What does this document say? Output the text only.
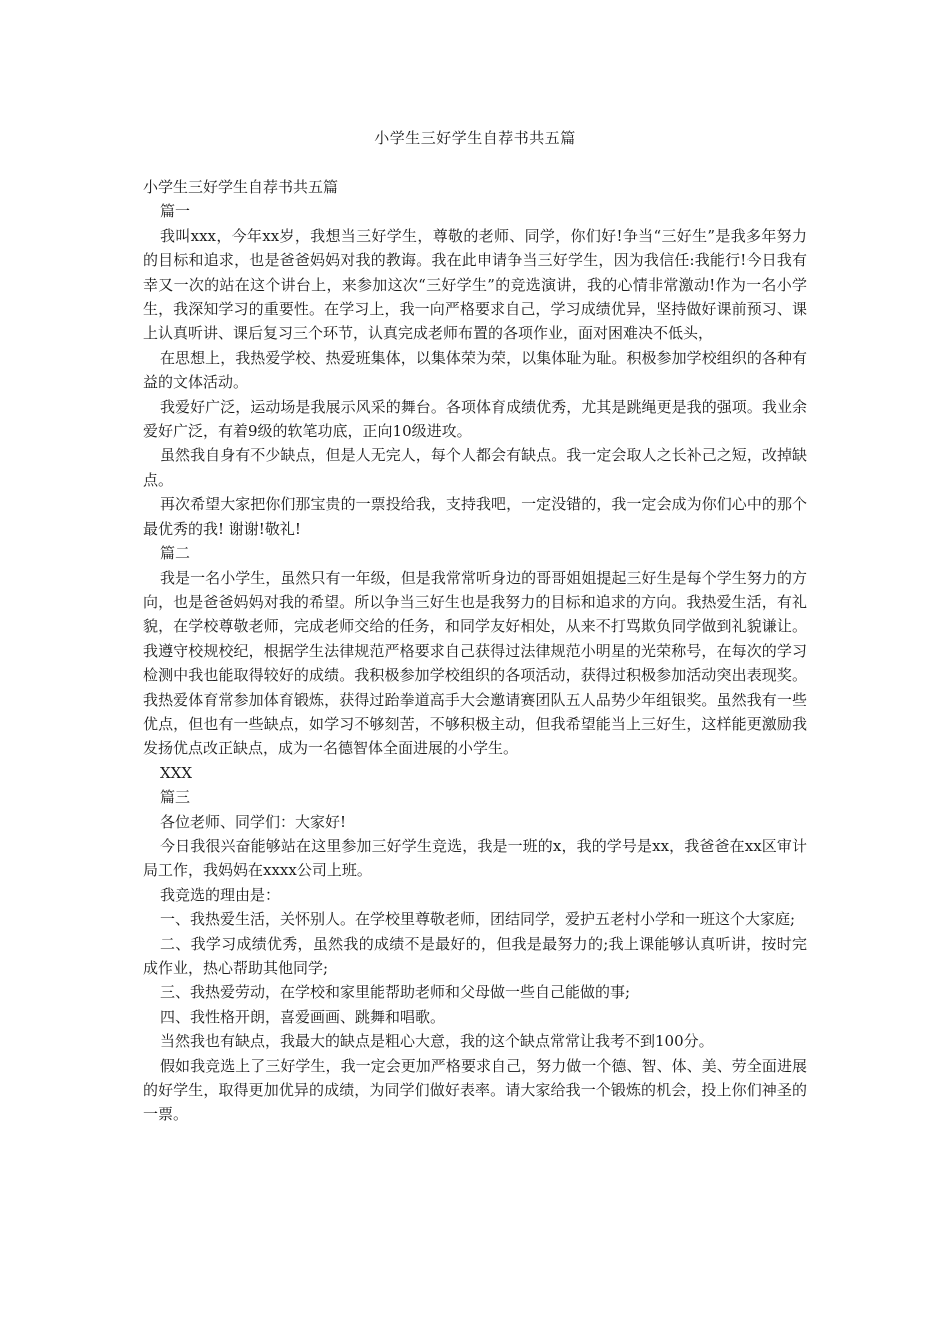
小学生三好学生自荐书共五篇

小学生三好学生自荐书共五篇

篇一

我叫xxx，今年xx岁，我想当三好学生，尊敬的老师、同学，你们好!争当“三好生”是我多年努力的目标和追求，也是爸爸妈妈对我的教诲。我在此申请争当三好学生，因为我信任:我能行!今日我有幸又一次的站在这个讲台上，来参加这次“三好学生”的竞选演讲，我的心情非常激动!作为一名小学生，我深知学习的重要性。在学习上，我一向严格要求自己，学习成绩优异，坚持做好课前预习、课上认真听讲、课后复习三个环节，认真完成老师布置的各项作业，面对困难决不低头，

在思想上，我热爱学校、热爱班集体，以集体荣为荣，以集体耻为耻。积极参加学校组织的各种有益的文体活动。

我爱好广泛，运动场是我展示风采的舞台。各项体育成绩优秀，尤其是跳绳更是我的强项。我业余爱好广泛，有着9级的软笔功底，正向10级进攻。

虽然我自身有不少缺点，但是人无完人，每个人都会有缺点。我一定会取人之长补己之短，改掉缺点。

再次希望大家把你们那宝贵的一票投给我，支持我吧，一定没错的，我一定会成为你们心中的那个最优秀的我! 谢谢!敬礼!

篇二

我是一名小学生，虽然只有一年级，但是我常常听身边的哥哥姐姐提起三好生是每个学生努力的方向，也是爸爸妈妈对我的希望。所以争当三好生也是我努力的目标和追求的方向。我热爱生活，有礼貌，在学校尊敬老师，完成老师交给的任务，和同学友好相处，从来不打骂欺负同学做到礼貌谦让。我遵守校规校纪，根据学生法律规范严格要求自己获得过法律规范小明星的光荣称号，在每次的学习检测中我也能取得较好的成绩。我积极参加学校组织的各项活动，获得过积极参加活动突出表现奖。我热爱体育常参加体育锻炼，获得过跆拳道高手大会邀请赛团队五人品势少年组银奖。虽然我有一些优点，但也有一些缺点，如学习不够刻苦，不够积极主动，但我希望能当上三好生，这样能更激励我发扬优点改正缺点，成为一名德智体全面进展的小学生。

XXX

篇三

各位老师、同学们：大家好!

今日我很兴奋能够站在这里参加三好学生竞选，我是一班的x，我的学号是xx，我爸爸在xx区审计局工作，我妈妈在xxxx公司上班。

我竞选的理由是：

一、我热爱生活，关怀别人。在学校里尊敬老师，团结同学，爱护五老村小学和一班这个大家庭;

二、我学习成绩优秀，虽然我的成绩不是最好的，但我是最努力的;我上课能够认真听讲，按时完成作业，热心帮助其他同学;

三、我热爱劳动，在学校和家里能帮助老师和父母做一些自己能做的事;

四、我性格开朗，喜爱画画、跳舞和唱歌。

当然我也有缺点，我最大的缺点是粗心大意，我的这个缺点常常让我考不到100分。

假如我竞选上了三好学生，我一定会更加严格要求自己，努力做一个德、智、体、美、劳全面进展的好学生，取得更加优异的成绩，为同学们做好表率。请大家给我一个锻炼的机会，投上你们神圣的一票。
